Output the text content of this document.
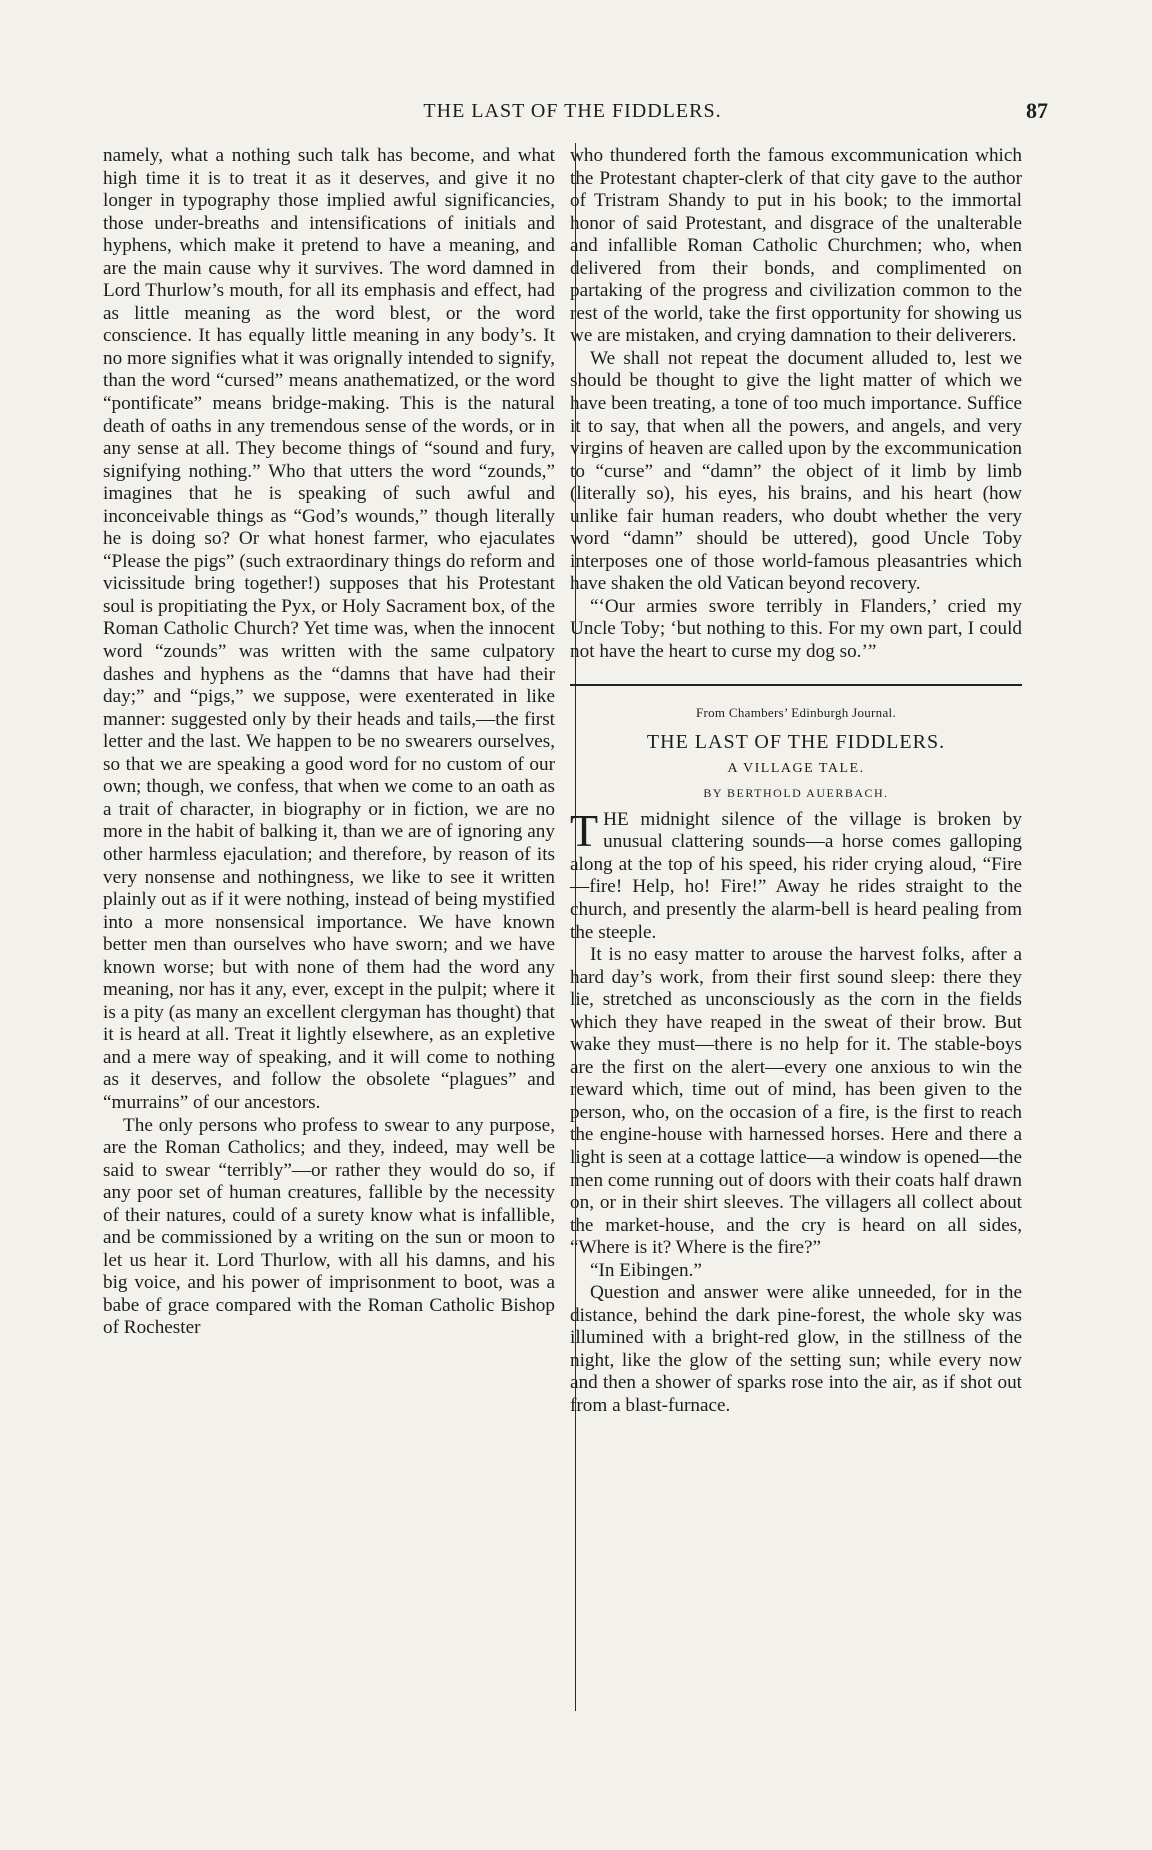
THE LAST OF THE FIDDLERS.	87

namely, what a nothing such talk has become, and what high time it is to treat it as it deserves, and give it no longer in typography those implied awful significancies, those under-breaths and intensifications of initials and hyphens, which make it pretend to have a meaning, and are the main cause why it survives. The word damned in Lord Thurlow’s mouth, for all its emphasis and effect, had as little meaning as the word blest, or the word conscience. It has equally little meaning in any body’s. It no more signifies what it was orignally intended to signify, than the word “cursed” means anathematized, or the word “pontificate” means bridge-making. This is the natural death of oaths in any tremendous sense of the words, or in any sense at all. They become things of “sound and fury, signifying nothing.” Who that utters the word “zounds,” imagines that he is speaking of such awful and inconceivable things as “God’s wounds,” though literally he is doing so? Or what honest farmer, who ejaculates “Please the pigs” (such extraordinary things do reform and vicissitude bring together!) supposes that his Protestant soul is propitiating the Pyx, or Holy Sacrament box, of the Roman Catholic Church? Yet time was, when the innocent word “zounds” was written with the same culpatory dashes and hyphens as the “damns that have had their day;” and “pigs,” we suppose, were exenterated in like manner: suggested only by their heads and tails,—the first letter and the last. We happen to be no swearers ourselves, so that we are speaking a good word for no custom of our own; though, we confess, that when we come to an oath as a trait of character, in biography or in fiction, we are no more in the habit of balking it, than we are of ignoring any other harmless ejaculation; and therefore, by reason of its very nonsense and nothingness, we like to see it written plainly out as if it were nothing, instead of being mystified into a more nonsensical importance. We have known better men than ourselves who have sworn; and we have known worse; but with none of them had the word any meaning, nor has it any, ever, except in the pulpit; where it is a pity (as many an excellent clergyman has thought) that it is heard at all. Treat it lightly elsewhere, as an expletive and a mere way of speaking, and it will come to nothing as it deserves, and follow the obsolete “plagues” and “murrains” of our ancestors.

The only persons who profess to swear to any purpose, are the Roman Catholics; and they, indeed, may well be said to swear “terribly”—or rather they would do so, if any poor set of human creatures, fallible by the necessity of their natures, could of a surety know what is infallible, and be commissioned by a writing on the sun or moon to let us hear it. Lord Thurlow, with all his damns, and his big voice, and his power of imprisonment to boot, was a babe of grace compared with the Roman Catholic Bishop of Rochester

who thundered forth the famous excommunication which the Protestant chapter-clerk of that city gave to the author of Tristram Shandy to put in his book; to the immortal honor of said Protestant, and disgrace of the unalterable and infallible Roman Catholic Churchmen; who, when delivered from their bonds, and complimented on partaking of the progress and civilization common to the rest of the world, take the first opportunity for showing us we are mistaken, and crying damnation to their deliverers.

We shall not repeat the document alluded to, lest we should be thought to give the light matter of which we have been treating, a tone of too much importance. Suffice it to say, that when all the powers, and angels, and very virgins of heaven are called upon by the excommunication to “curse” and “damn” the object of it limb by limb (literally so), his eyes, his brains, and his heart (how unlike fair human readers, who doubt whether the very word “damn” should be uttered), good Uncle Toby interposes one of those world-famous pleasantries which have shaken the old Vatican beyond recovery.

“‘Our armies swore terribly in Flanders,’ cried my Uncle Toby; ‘but nothing to this. For my own part, I could not have the heart to curse my dog so.’”

From Chambers’ Edinburgh Journal.
THE LAST OF THE FIDDLERS.
A VILLAGE TALE.
BY BERTHOLD AUERBACH.

THE midnight silence of the village is broken by unusual clattering sounds—a horse comes galloping along at the top of his speed, his rider crying aloud, “Fire—fire! Help, ho! Fire!” Away he rides straight to the church, and presently the alarm-bell is heard pealing from the steeple.

It is no easy matter to arouse the harvest folks, after a hard day’s work, from their first sound sleep: there they lie, stretched as unconsciously as the corn in the fields which they have reaped in the sweat of their brow. But wake they must—there is no help for it. The stable-boys are the first on the alert—every one anxious to win the reward which, time out of mind, has been given to the person, who, on the occasion of a fire, is the first to reach the engine-house with harnessed horses. Here and there a light is seen at a cottage lattice—a window is opened—the men come running out of doors with their coats half drawn on, or in their shirt sleeves. The villagers all collect about the market-house, and the cry is heard on all sides, “Where is it? Where is the fire?”

“In Eibingen.”

Question and answer were alike unneeded, for in the distance, behind the dark pine-forest, the whole sky was illumined with a bright-red glow, in the stillness of the night, like the glow of the setting sun; while every now and then a shower of sparks rose into the air, as if shot out from a blast-furnace.
